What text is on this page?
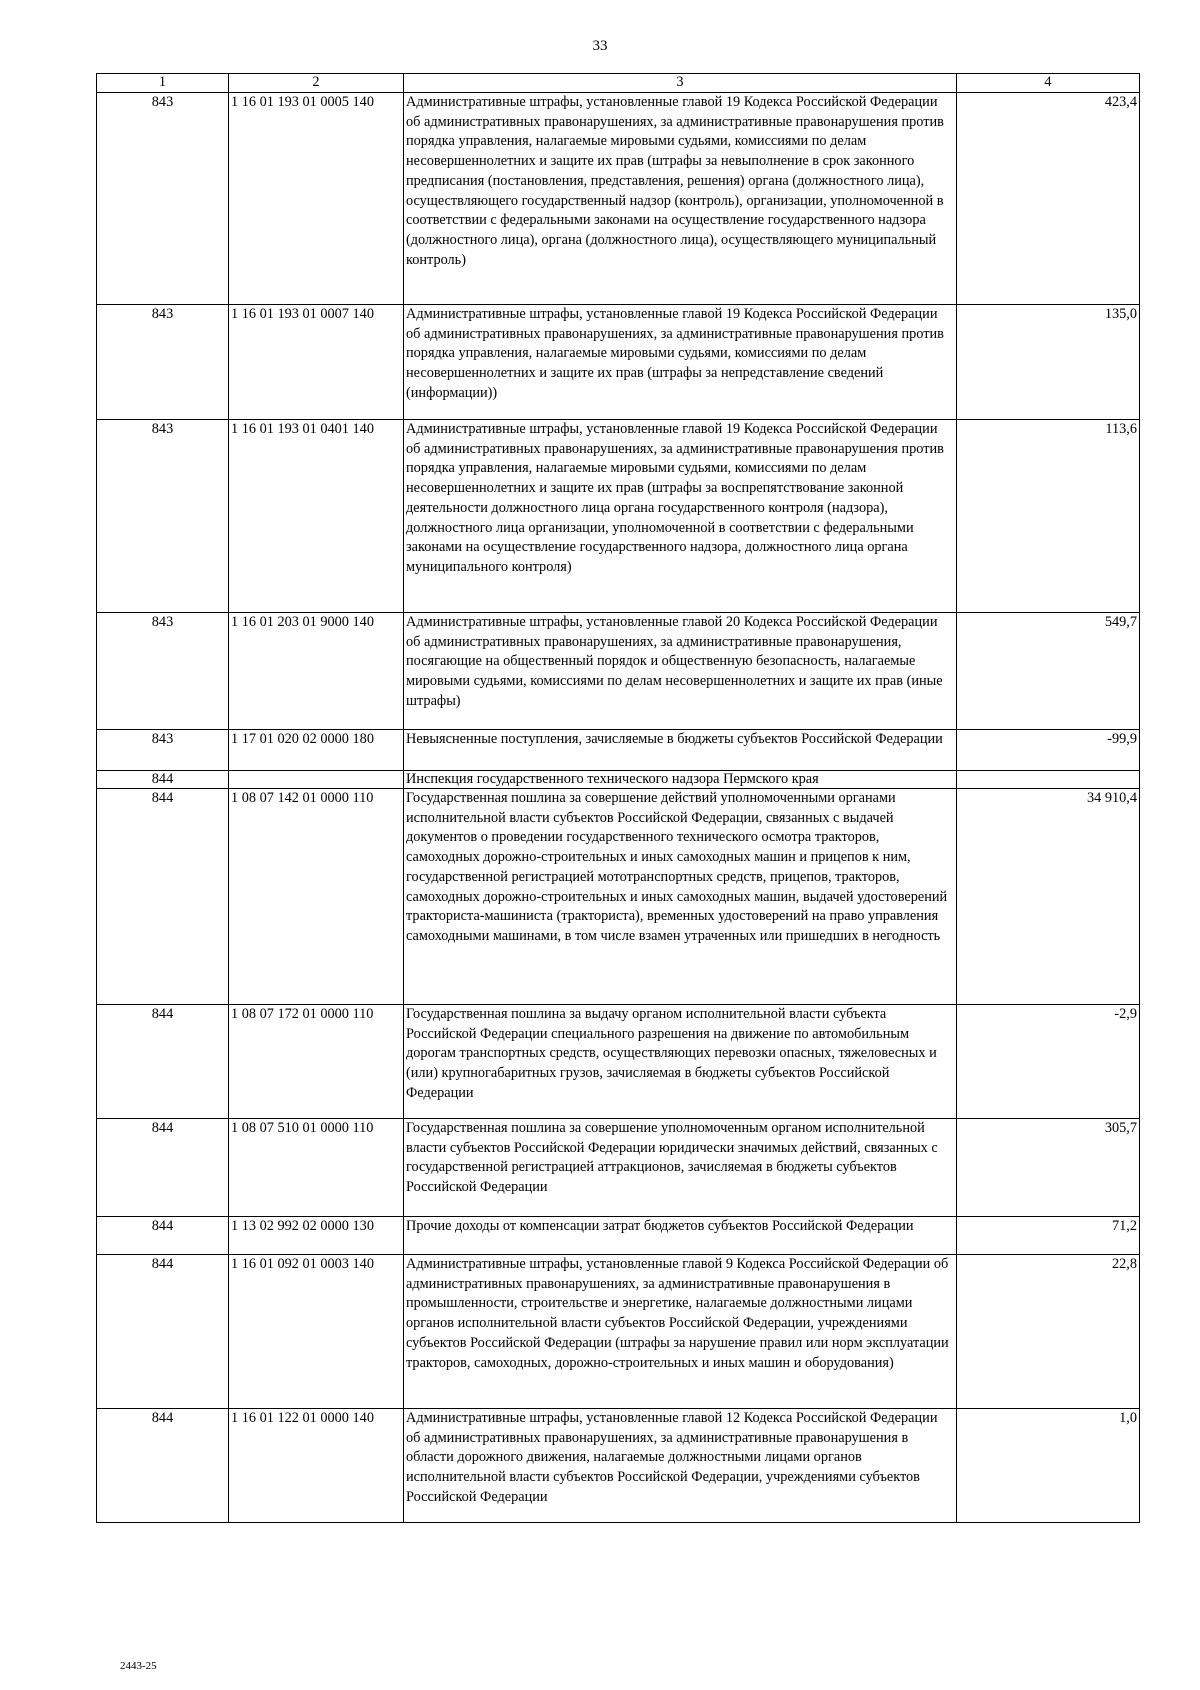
33
1	2	3	4
843	1 16 01 193 01 0005 140	Административные штрафы, установленные главой 19 Кодекса Российской Федерации об административных правонарушениях, за административные правонарушения против порядка управления, налагаемые мировыми судьями, комиссиями по делам несовершеннолетних и защите их прав (штрафы за невыполнение в срок законного предписания (постановления, представления, решения) органа (должностного лица), осуществляющего государственный надзор (контроль), организации, уполномоченной в соответствии с федеральными законами на осуществление государственного надзора (должностного лица), органа (должностного лица), осуществляющего муниципальный контроль)	423,4
843	1 16 01 193 01 0007 140	Административные штрафы, установленные главой 19 Кодекса Российской Федерации об административных правонарушениях, за административные правонарушения против порядка управления, налагаемые мировыми судьями, комиссиями по делам несовершеннолетних и защите их прав (штрафы за непредставление сведений (информации))	135,0
843	1 16 01 193 01 0401 140	Административные штрафы, установленные главой 19 Кодекса Российской Федерации об административных правонарушениях, за административные правонарушения против порядка управления, налагаемые мировыми судьями, комиссиями по делам несовершеннолетних и защите их прав (штрафы за воспрепятствование законной деятельности должностного лица органа государственного контроля (надзора), должностного лица организации, уполномоченной в соответствии с федеральными законами на осуществление государственного надзора, должностного лица органа муниципального контроля)	113,6
843	1 16 01 203 01 9000 140	Административные штрафы, установленные главой 20 Кодекса Российской Федерации об административных правонарушениях, за административные правонарушения, посягающие на общественный порядок и общественную безопасность, налагаемые мировыми судьями, комиссиями по делам несовершеннолетних и защите их прав (иные штрафы)	549,7
843	1 17 01 020 02 0000 180	Невыясненные поступления, зачисляемые в бюджеты субъектов Российской Федерации	-99,9
844		Инспекция государственного технического надзора Пермского края	
844	1 08 07 142 01 0000 110	Государственная пошлина за совершение действий уполномоченными органами исполнительной власти субъектов Российской Федерации, связанных с выдачей документов о проведении государственного технического осмотра тракторов, самоходных дорожно-строительных и иных самоходных машин и прицепов к ним, государственной регистрацией мототранспортных средств, прицепов, тракторов, самоходных дорожно-строительных и иных самоходных машин, выдачей удостоверений тракториста-машиниста (тракториста), временных удостоверений на право управления самоходными машинами, в том числе взамен утраченных или пришедших в негодность	34 910,4
844	1 08 07 172 01 0000 110	Государственная пошлина за выдачу органом исполнительной власти субъекта Российской Федерации специального разрешения на движение по автомобильным дорогам транспортных средств, осуществляющих перевозки опасных, тяжеловесных и (или) крупногабаритных грузов, зачисляемая в бюджеты субъектов Российской Федерации	-2,9
844	1 08 07 510 01 0000 110	Государственная пошлина за совершение уполномоченным органом исполнительной власти субъектов Российской Федерации юридически значимых действий, связанных с государственной регистрацией аттракционов, зачисляемая в бюджеты субъектов Российской Федерации	305,7
844	1 13 02 992 02 0000 130	Прочие доходы от компенсации затрат бюджетов субъектов Российской Федерации	71,2
844	1 16 01 092 01 0003 140	Административные штрафы, установленные главой 9 Кодекса Российской Федерации об административных правонарушениях, за административные правонарушения в промышленности, строительстве и энергетике, налагаемые должностными лицами органов исполнительной власти субъектов Российской Федерации, учреждениями субъектов Российской Федерации (штрафы за нарушение правил или норм эксплуатации тракторов, самоходных, дорожно-строительных и иных машин и оборудования)	22,8
844	1 16 01 122 01 0000 140	Административные штрафы, установленные главой 12 Кодекса Российской Федерации об административных правонарушениях, за административные правонарушения в области дорожного движения, налагаемые должностными лицами органов исполнительной власти субъектов Российской Федерации, учреждениями субъектов Российской Федерации	1,0
2443-25
